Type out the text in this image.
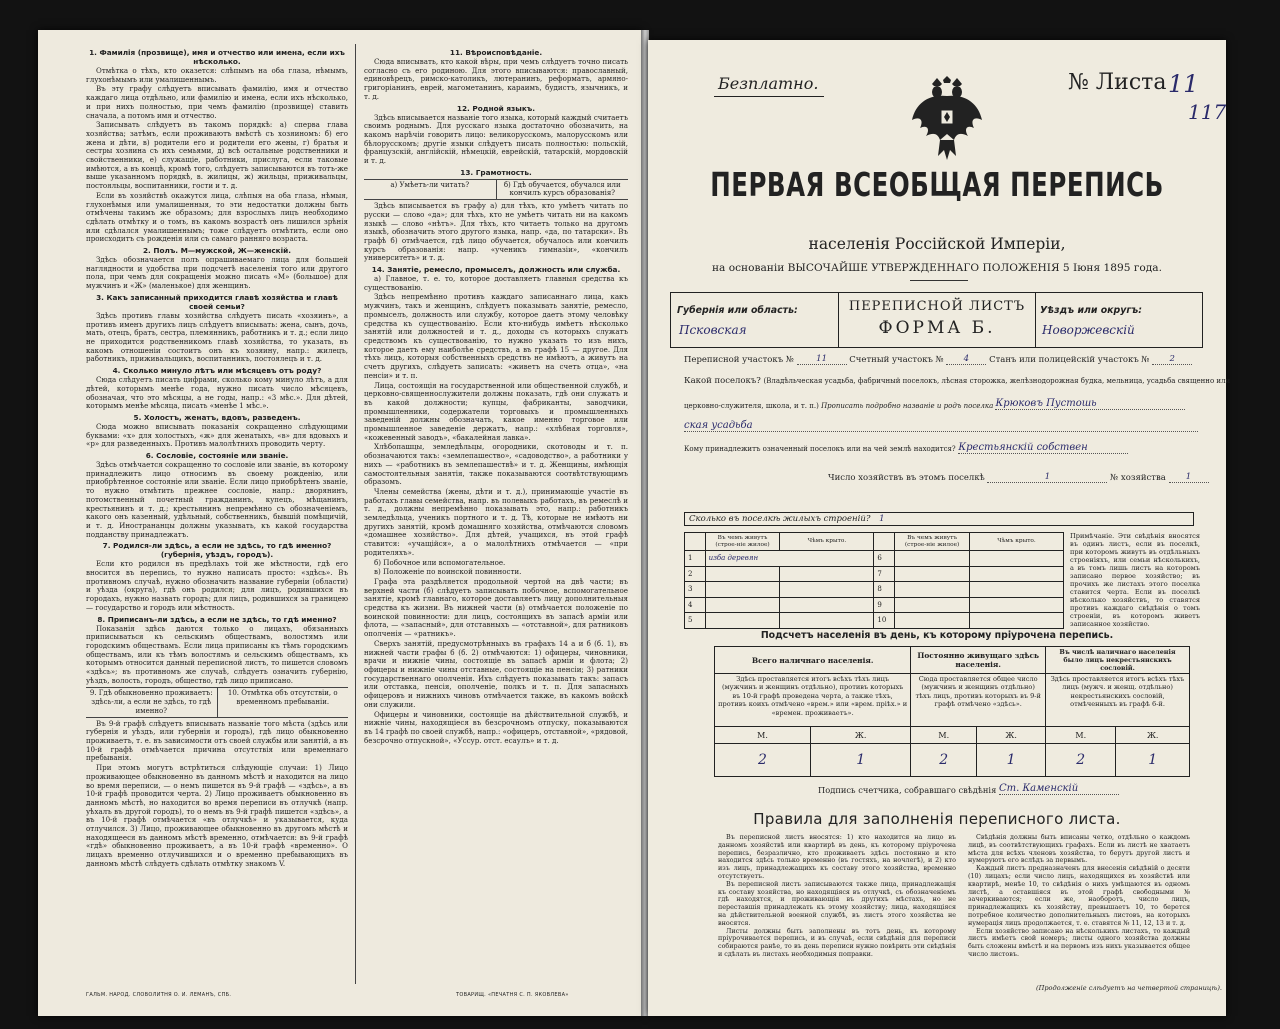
1. Фамилія (прозвище), имя и отчество или имена, если ихъ нѣсколько.

Отмѣтка о тѣхъ, кто оказется: слѣпымъ на оба глаза, нѣмымъ, глухонѣмымъ или умалишеннымъ.

Въ эту графу слѣдуетъ вписывать фамилію, имя и отчество каждаго лица отдѣльно, или фамилію и имена, если ихъ нѣсколько, и при нихъ полностью, при чемъ фамилію (прозвище) ставить сначала, а потомъ имя и отчество.

Записывать слѣдуетъ въ такомъ порядкѣ: а) сперва глава хозяйства; затѣмъ, если проживаютъ вмѣстѣ съ хозяиномъ: б) его жена и дѣти, в) родители его и родители его жены, г) братья и сестры хозяина съ ихъ семьями, д) всѣ остальные родственники и свойственники, е) служащіе, работники, прислуга, если таковые имѣются, а въ концѣ, кромѣ того, слѣдуетъ записываются въ тотъ-же выше указанномъ порядкѣ, в. жилицы, ж) жильцы, приживальцы, постояльцы, воспитанники, гости и т. д.

Если въ хозяйствѣ окажутся лица, слѣпыя на оба глаза, нѣмыя, глухонѣмыя или умалишенныя, то эти недостатки должны быть отмѣчены такимъ же образомъ; для взрослыхъ лицъ необходимо сдѣлать отмѣтку и о томъ, въ какомъ возрастѣ онъ лишился зрѣнія или сдѣлался умалишеннымъ; тоже слѣдуетъ отмѣтить, если оно происходитъ съ рожденія или съ самаго ранняго возраста.

2. Полъ. М—мужской, Ж—женскій.

Здѣсь обозначается полъ опрашиваемаго лица для большей наглядности и удобства при подсчетѣ населенія того или другого пола, при чемъ для сокращенія можно писать «М» (большое) для мужчинъ и «Ж» (маленькое) для женщинъ.

3. Какъ записанный приходится главѣ хозяйства и главѣ своей семьи?

Здѣсь противъ главы хозяйства слѣдуетъ писать «хозяинъ», а противъ именъ другихъ лицъ слѣдуетъ вписывать: жена, сынъ, дочь, мать, отецъ, братъ, сестра, племянникъ, работникъ и т. д.; если лицо не приходится родственникомъ главѣ хозяйства, то указать, въ какомъ отношеніи состоитъ онъ къ хозяину, напр.: жилецъ, работникъ, приживальщикъ, воспитанникъ, постоялецъ и т. д.

4. Сколько минуло лѣтъ или мѣсяцевъ отъ роду?

Сюда слѣдуетъ писать цифрами, сколько кому минуло лѣтъ, а для дѣтей, которымъ менѣе года, нужно писать число мѣсяцевъ, обозначая, что это мѣсяцы, а не годы, напр.: «3 мѣс.». Для дѣтей, которымъ менѣе мѣсяца, писать «менѣе 1 мѣс.».

5. Холостъ, женатъ, вдовъ, разведенъ.

Сюда можно вписывать показанія сокращенно слѣдующими буквами: «х» для холостыхъ, «ж» для женатыхъ, «в» для вдовыхъ и «р» для разведенныхъ. Противъ малолѣтнихъ проводить черту.

6. Сословіе, состояніе или званіе.

Здѣсь отмѣчается сокращенно то сословіе или званіе, въ которому принадлежитъ лицо относимъ въ своему рожденію, или приобрѣтенное состояніе или званіе. Если лицо приобрѣтенъ званіе, то нужно отмѣтить прежнее сословіе, напр.: дворянинъ, потомственный почетный гражданинъ, купецъ, мѣщанинъ, крестьянинъ и т. д.; крестьянинъ непремѣнно съ обозначеніемъ, какого онъ казенный, удѣльный, собственникъ, бывшій помѣщичій, и т. д. Инострананцы должны указывать, къ какой государства подданству принадлежатъ.

7. Родился-ли здѣсь, а если не здѣсь, то гдѣ именно? (губернія, уѣздъ, городъ).

Если кто родился въ предѣлахъ той же мѣстности, гдѣ его вносится въ перепись, то нужно написать просто: «здѣсь». Въ противномъ случаѣ, нужно обозначить название губерніи (области) и уѣзда (округа), гдѣ онъ родился; для лицъ, родившихся въ городахъ, нужно назвать городъ; для лицъ, родившихся за границею — государство и городъ или мѣстность.

8. Приписанъ-ли здѣсь, а если не здѣсь, то гдѣ именно?

Показанія здѣсь даются только о лицахъ, обязанныхъ приписываться къ сельскимъ обществамъ, волостямъ или городскимъ обществамъ. Если лица приписаны къ тѣмъ городскимъ обществамъ, или къ тѣмъ волостямъ и сельскимъ обществамъ, къ которымъ относится данный переписной листъ, то пишется словомъ «здѣсь»; въ противномъ же случаѣ, слѣдуетъ означить губернію, уѣздъ, волость, городъ, общество, гдѣ лицо приписано.

9. Гдѣ обыкновенно проживаетъ: здѣсь-ли, а если не здѣсь, то гдѣ именно?
10. Отмѣтка объ отсутствіи, о временномъ пребываніи.

Въ 9-й графѣ слѣдуетъ вписывать названіе того мѣста (здѣсь или губернія и уѣздъ, или губернія и городъ), гдѣ лицо обыкновенно проживаетъ, т. е. въ зависимости отъ своей службы или занятій, а въ 10-й графѣ отмѣчается причина отсутствія или временнаго пребыванія.

При этомъ могутъ встрѣтиться слѣдующіе случаи: 1) Лицо проживающее обыкновенно въ данномъ мѣстѣ и находится на лицо во время переписи, — о немъ пишется въ 9-й графѣ — «здѣсь», а въ 10-й графѣ проводится черта. 2) Лицо проживаетъ обыкновенно въ данномъ мѣстѣ, но находится во время переписи въ отлучкѣ (напр. уѣхалъ въ другой городъ), то о немъ въ 9-й графѣ пишется «здѣсь», а въ 10-й графѣ отмѣчается «въ отлучкѣ» и указывается, куда отлучился. 3) Лицо, проживающее обыкновенно въ другомъ мѣстѣ и находящееся въ данномъ мѣстѣ временно, отмѣчается: въ 9-й графѣ «гдѣ» обыкновенно проживаетъ, а въ 10-й графѣ «временно». О лицахъ временно отлучившихся и о временно пребывающихъ въ данномъ мѣстѣ слѣдуетъ сдѣлать отмѣтку знакомъ V.

11. Вѣроисповѣданіе.

Сюда вписывать, кто какой вѣры, при чемъ слѣдуетъ точно писать согласно съ его родиною. Для этого вписываются: православный, единовѣрецъ, римско-католикъ, лютеранинъ, реформатъ, армяно-григоріанинъ, еврей, магометанинъ, караимъ, будистъ, язычникъ, и т. д.

12. Родной языкъ.

Здѣсь вписывается названіе того языка, который каждый считаетъ своимъ роднымъ. Для русскаго языка достаточно обозначить, на какомъ нарѣчіи говоритъ лицо: великорусскомъ, малорусскомъ или бѣлорусскомъ; другіе языки слѣдуетъ писать полностью: польскій, французскій, англійскій, нѣмецкій, еврейскій, татарскій, мордовскій и т. д.

13. Грамотность.
а) Умѣетъ-ли читать?	б) Гдѣ обучается, обучался или кончилъ курсъ образованія?

Здѣсь вписывается въ графу а) для тѣхъ, кто умѣетъ читать по русски — слово «да»; для тѣхъ, кто не умѣетъ читать ни на какомъ языкѣ — слово «нѣтъ». Для тѣхъ, кто читаетъ только на другомъ языкѣ, обозначить этого другого языка, напр. «да, по татарски». Въ графѣ б) отмѣчается, гдѣ лицо обучается, обучалось или кончилъ курсъ образованія: напр. «ученикъ гимназіи», «кончилъ университетъ» и т. д.

14. Занятіе, ремесло, промыселъ, должность или служба.

а) Главное, т. е. то, которое доставляетъ главныя средства къ существованію.

Здѣсь непремѣнно противъ каждаго записаннаго лица, какъ мужчинъ, такъ и женщинъ, слѣдуетъ показывать занятіе, ремесло, промыселъ, должность или службу, которое даетъ этому человѣку средства къ существованію. Если кто-нибудь имѣетъ нѣсколько занятій или должностей и т. д., доходы съ которыхъ служатъ средствомъ къ существованію, то нужно указать то изъ нихъ, которое даетъ ему наиболѣе средствъ, а въ графѣ 15 — другое. Для тѣхъ лицъ, которыя собственныхъ средствъ не имѣютъ, а живутъ на счетъ другихъ, слѣдуетъ записать: «живетъ на счетъ отца», «на пенсіи» и т. п.

Лица, состоящія на государственной или общественной службѣ, и церковно-священнослужители должны показать, гдѣ они служатъ и въ какой должности; купцы, фабриканты, заводчики, промышленники, содержатели торговыхъ и промышленныхъ заведеній должны обозначать, какое именно торговое или промышленное заведеніе держатъ, напр.: «хлѣбная торговля», «кожевенный заводъ», «бакалейная лавка».

Хлѣбопашцы, земледѣльцы, огородники, скотоводы и т. п. обозначаются такъ: «землепашество», «садоводство», а работники у нихъ — «работникъ въ землепашествѣ» и т. д. Женщины, имѣющія самостоятельныя занятія, также показываются соотвѣтствующимъ образомъ.

Члены семейства (жены, дѣти и т. д.), принимающіе участіе въ работахъ главы семейства, напр. въ полевыхъ работахъ, въ ремеслѣ и т. д., должны непремѣнно показывать это, напр.: работникъ земледѣльца, ученикъ портного и т. д. Тѣ, которые не имѣютъ ни другихъ занятій, кромѣ домашняго хозяйства, отмѣчаются словомъ «домашнее хозяйство». Для дѣтей, учащихся, въ этой графѣ ставится: «учащійся», а о малолѣтнихъ отмѣчается — «при родителяхъ».

б) Побочное или вспомогательное.

в) Положеніе по воинской повинности.

Графа эта раздѣляется продольной чертой на двѣ части; въ верхней части (б) слѣдуетъ записывать побочное, вспомогательное занятіе, кромѣ главнаго, которое доставляетъ лицу дополнительныя средства къ жизни. Въ нижней части (в) отмѣчается положеніе по воинской повинности: для лицъ, состоящихъ въ запасѣ арміи или флота, — «запасный», для отставныхъ — «отставной», для ратниковъ ополченія — «ратникъ».

Сверхъ занятій, предусмотрѣнныхъ въ графахъ 14 а и б (б. 1), въ нижней части графы б (б. 2) отмѣчаются: 1) офицеры, чиновники, врачи и нижніе чины, состоящіе въ запасѣ арміи и флота; 2) офицеры и нижніе чины отставные, состоящіе на пенсіи; 3) ратники государственнаго ополченія. Ихъ слѣдуетъ показывать такъ: запасъ или отставка, пенсія, ополченіе, полкъ и т. п. Для запасныхъ офицеровъ и нижнихъ чиновъ отмѣчается также, въ какомъ войскѣ они служили.

Офицеры и чиновники, состоящіе на дѣйствительной службѣ, и нижніе чины, находящіеся въ безсрочномъ отпуску, показываются въ 14 графѣ по своей службѣ, напр.: «офицеръ, отставной», «рядовой, безсрочно отпускной», «Уссур. отст. есаулъ» и т. д.

ГАЛЬМ. НАРОД. СЛОВОЛИТНЯ О. И. ЛЕМАНЪ, СПБ.	ТОВАРИЩ. «ПЕЧАТНЯ С. П. ЯКОВЛЕВА»
Безплатно.	№ Листа 11
117
ПЕРВАЯ ВСЕОБЩАЯ ПЕРЕПИСЬ
населенія Россійской Имперіи,
на основаніи ВЫСОЧАЙШЕ УТВЕРЖДЕННАГО ПОЛОЖЕНІЯ 5 Іюня 1895 года.
Губернія или область:
Псковская
ПЕРЕПИСНОЙ ЛИСТЪ
ФОРМА Б.
Уѣздъ или округъ:
Новоржевскій
Переписной участокъ №	11	Счетный участокъ № 4 Станъ или полицейскій участокъ № 2
Какой поселокъ? (Владѣльческая усадьба, фабричный поселокъ, лѣсная сторожка, желѣзнодорожная будка, мельница, усадьба священно или
церковно-служителя, школа, и т. п.) Прописать подробно названіе и родъ поселка Крюковъ Пустошь
ская усадьба
Кому принадлежитъ означенный поселокъ или на чей землѣ находится? Крестьянскій собствен
Число хозяйствъ въ этомъ поселкѣ	1	№ хозяйства 1
Сколько въ поселкѣ жилыхъ строеній? 1
	Въ чемъ живутъ (строе-ніе жилое)	Чѣмъ крыто.		Въ чемъ живутъ (строе-ніе жилое)	Чѣмъ крыто.
1	изба деревян		6		
2			7		
3			8		
4			9		
5			10		
Примѣчаніе. Эти свѣдѣнія вносятся въ одинъ листъ, если въ поселкѣ, при которомъ живутъ въ отдѣльныхъ строеніяхъ, или семьи нѣсколькихъ, а въ томъ лишь листъ на которомъ записано первое хозяйство; въ прочихъ же листахъ этого поселка ставится черта. Если въ поселкѣ нѣсколько хозяйствъ, то ставятся противъ каждаго свѣдѣнія о томъ строеніи, въ которомъ живетъ записанное хозяйство.
Подсчетъ населенія въ день, къ которому пріурочена перепись.
Всего наличнаго населенія.		Постоянно живущаго здѣсь населенія.		Въ числѣ наличнаго населенія было лицъ некрестьянскихъ сословій.	
Здѣсь проставляется итогъ всѣхъ тѣхъ лицъ (мужчинъ и женщинъ отдѣльно), противъ которыхъ въ 10-й графѣ проведена черта, а также тѣхъ, противъ коихъ отмѣчено «врем.» или «врем. пріѣх.» и «времен. проживаетъ».		Сюда проставляется общее число (мужчинъ и женщинъ отдѣльно) тѣхъ лицъ, противъ которыхъ въ 9-й графѣ отмѣчено «здѣсь».		Здѣсь проставляется итогъ всѣхъ тѣхъ лицъ (мужч. и женщ. отдѣльно) некрестьянскихъ сословій, отмѣченныхъ въ графѣ 6-й.	
М.	Ж.	М.	Ж.	М.	Ж.
2	1	2	1	2	1
Подпись счетчика, собравшаго свѣдѣнія Ст. Каменскій
Правила для заполненія переписного листа.

Въ переписной листъ вносятся: 1) кто находится на лицо въ данномъ хозяйствѣ или квартирѣ въ день, къ которому пріурочена перепись, безразлично, кто проживаетъ здѣсь постоянно и кто находится здѣсь только временно (въ гостяхъ, на ночлегѣ), и 2) кто изъ лицъ, принадлежащихъ къ составу этого хозяйства, временно отсутствуетъ.

Въ переписной листъ записываются также лица, принадлежащія къ составу хозяйства, но находящіяся въ отлучкѣ, съ обозначеніемъ гдѣ находятся, и проживающія въ другихъ мѣстахъ, но не переставшія принадлежать къ этому хозяйству; лица, находящіяся на дѣйствительной военной службѣ, въ листъ этого хозяйства не вносятся.

Листы должны быть заполнены въ тотъ день, къ которому пріурочивается перепись, и въ случаѣ, если свѣдѣнія для переписи собираются ранѣе, то въ день переписи нужно повѣрить эти свѣдѣнія и сдѣлать въ листахъ необходимыя поправки.

Свѣдѣнія должны быть вписаны четко, отдѣльно о каждомъ лицѣ, въ соотвѣтствующихъ графахъ. Если въ листѣ не хватаетъ мѣста для всѣхъ членовъ хозяйства, то берутъ другой листъ и нумеруютъ его вслѣдъ за первымъ.

Каждый листъ предназначенъ для внесенія свѣдѣній о десяти (10) лицахъ; если число лицъ, находящихся въ хозяйствѣ или квартирѣ, менѣе 10, то свѣдѣнія о нихъ умѣщаются въ одномъ листѣ, а оставшіяся въ этой графѣ свободными № зачеркиваются; если же, наоборотъ, число лицъ, принадлежащихъ къ хозяйству, превышаетъ 10, то берется потребное количество дополнительныхъ листовъ, на которыхъ нумерація лицъ продолжается, т. е. ставятся № 11, 12, 13 и т. д.

Если хозяйство записано на нѣсколькихъ листахъ, то каждый листъ имѣетъ свой номеръ; листы одного хозяйства должны быть сложены вмѣстѣ и на первомъ изъ нихъ указывается общее число листовъ.

(Продолженіе слѣдуетъ на четвертой страницѣ).
